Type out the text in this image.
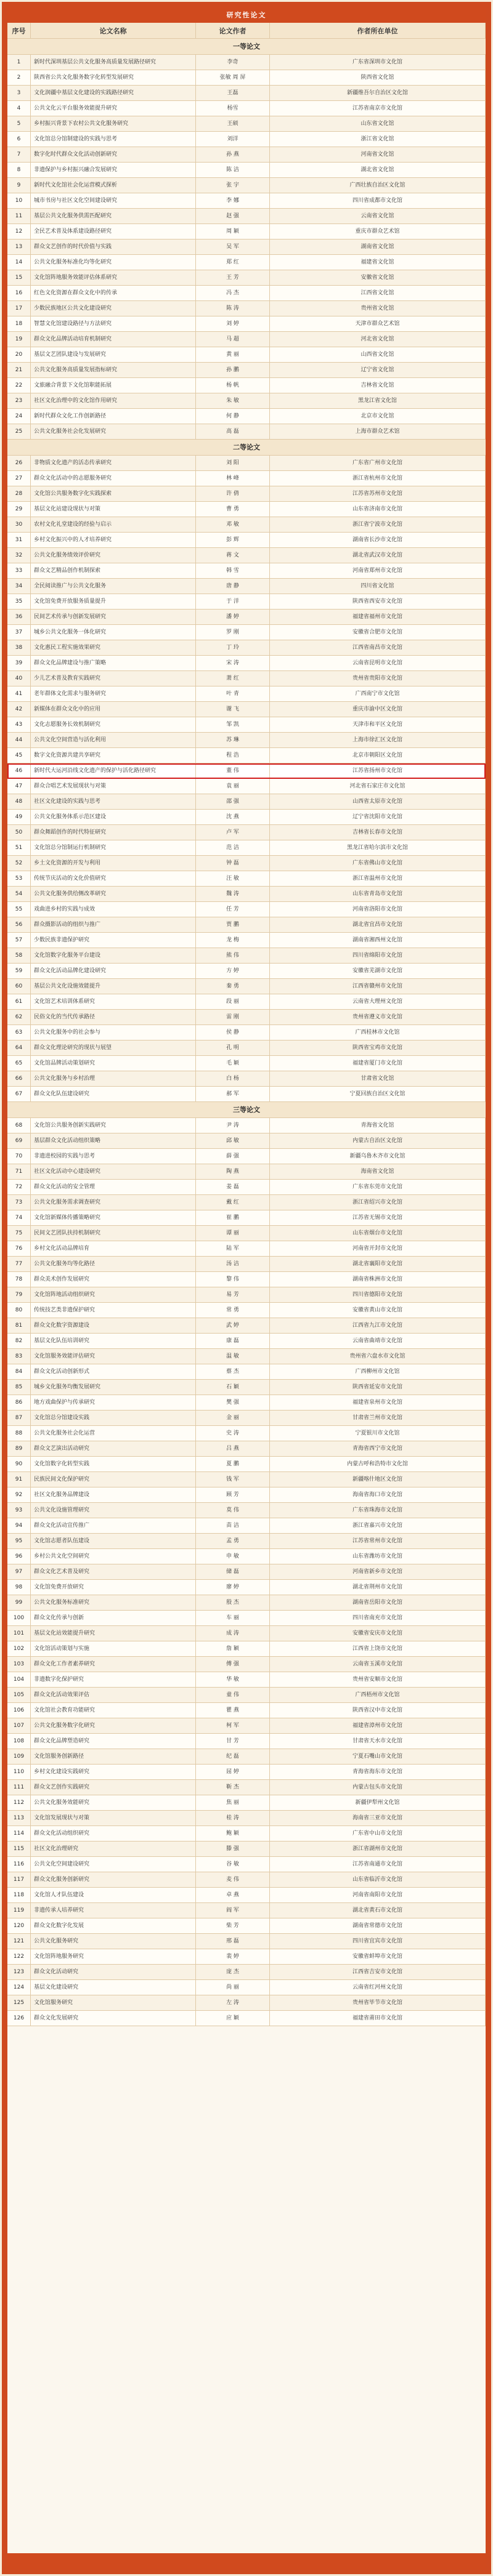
研究性论文
序号	论文名称	论文作者	作者所在单位
一等论文
1	新时代深圳基层公共文化服务高质量发展路径研究	李奇	广东省深圳市文化馆
2	陕西省公共文化服务数字化转型发展研究	张敏 周 屏	陕西省文化馆
3	文化润疆中基层文化建设的实践路径研究	王磊	新疆维吾尔自治区文化馆
4	公共文化云平台服务效能提升研究	杨雪	江苏省南京市文化馆
5	乡村振兴背景下农村公共文化服务研究	王硕	山东省文化馆
6	文化馆总分馆制建设的实践与思考	刘洋	浙江省文化馆
7	数字化时代群众文化活动创新研究	孙 燕	河南省文化馆
8	非遗保护与乡村振兴融合发展研究	陈 洁	湖北省文化馆
9	新时代文化馆社会化运营模式探析	张 宇	广西壮族自治区文化馆
10	城市书房与社区文化空间建设研究	李 娜	四川省成都市文化馆
11	基层公共文化服务供需匹配研究	赵 强	云南省文化馆
12	全民艺术普及体系建设路径研究	周 颖	重庆市群众艺术馆
13	群众文艺创作的时代价值与实践	吴 军	湖南省文化馆
14	公共文化服务标准化均等化研究	郑 红	福建省文化馆
15	文化馆阵地服务效能评估体系研究	王 芳	安徽省文化馆
16	红色文化资源在群众文化中的传承	冯 杰	江西省文化馆
17	少数民族地区公共文化建设研究	陈 涛	贵州省文化馆
18	智慧文化馆建设路径与方法研究	刘 婷	天津市群众艺术馆
19	群众文化品牌活动培育机制研究	马 超	河北省文化馆
20	基层文艺团队建设与发展研究	黄 丽	山西省文化馆
21	公共文化服务高质量发展指标研究	孙 鹏	辽宁省文化馆
22	文旅融合背景下文化馆职能拓展	杨 帆	吉林省文化馆
23	社区文化治理中的文化馆作用研究	朱 敏	黑龙江省文化馆
24	新时代群众文化工作创新路径	何 静	北京市文化馆
25	公共文化服务社会化发展研究	高 磊	上海市群众艺术馆
二等论文
26	非物质文化遗产的活态传承研究	刘 阳	广东省广州市文化馆
27	群众文化活动中的志愿服务研究	林 峰	浙江省杭州市文化馆
28	文化馆公共服务数字化实践探索	许 倩	江苏省苏州市文化馆
29	基层文化站建设现状与对策	曹 勇	山东省济南市文化馆
30	农村文化礼堂建设的经验与启示	邓 敏	浙江省宁波市文化馆
31	乡村文化振兴中的人才培养研究	彭 辉	湖南省长沙市文化馆
32	公共文化服务绩效评价研究	蒋 文	湖北省武汉市文化馆
33	群众文艺精品创作机制探索	韩 雪	河南省郑州市文化馆
34	全民阅读推广与公共文化服务	唐 静	四川省文化馆
35	文化馆免费开放服务质量提升	于 洋	陕西省西安市文化馆
36	民间艺术传承与创新发展研究	潘 婷	福建省福州市文化馆
37	城乡公共文化服务一体化研究	罗 刚	安徽省合肥市文化馆
38	文化惠民工程实施效果研究	丁 玲	江西省南昌市文化馆
39	群众文化品牌建设与推广策略	宋 涛	云南省昆明市文化馆
40	少儿艺术普及教育实践研究	萧 红	贵州省贵阳市文化馆
41	老年群体文化需求与服务研究	叶 青	广西南宁市文化馆
42	新媒体在群众文化中的应用	谢 飞	重庆市渝中区文化馆
43	文化志愿服务长效机制研究	邹 凯	天津市和平区文化馆
44	公共文化空间营造与活化利用	苏 琳	上海市徐汇区文化馆
45	数字文化资源共建共享研究	程 浩	北京市朝阳区文化馆
46	新时代大运河沿线文化遗产的保护与活化路径研究	董 伟	江苏省扬州市文化馆
47	群众合唱艺术发展现状与对策	袁 丽	河北省石家庄市文化馆
48	社区文化建设的实践与思考	邵 强	山西省太原市文化馆
49	公共文化服务体系示范区建设	沈 燕	辽宁省沈阳市文化馆
50	群众舞蹈创作的时代特征研究	卢 军	吉林省长春市文化馆
51	文化馆总分馆制运行机制研究	范 洁	黑龙江省哈尔滨市文化馆
52	乡土文化资源的开发与利用	钟 磊	广东省佛山市文化馆
53	传统节庆活动的文化价值研究	汪 敏	浙江省温州市文化馆
54	公共文化服务供给侧改革研究	魏 涛	山东省青岛市文化馆
55	戏曲进乡村的实践与成效	任 芳	河南省洛阳市文化馆
56	群众摄影活动的组织与推广	贾 鹏	湖北省宜昌市文化馆
57	少数民族非遗保护研究	龙 梅	湖南省湘西州文化馆
58	文化馆数字化服务平台建设	熊 伟	四川省绵阳市文化馆
59	群众文化活动品牌化建设研究	方 婷	安徽省芜湖市文化馆
60	基层公共文化设施效能提升	秦 勇	江西省赣州市文化馆
61	文化馆艺术培训体系研究	段 丽	云南省大理州文化馆
62	民俗文化的当代传承路径	雷 刚	贵州省遵义市文化馆
63	公共文化服务中的社会参与	侯 静	广西桂林市文化馆
64	群众文化理论研究的现状与展望	孔 明	陕西省宝鸡市文化馆
65	文化馆品牌活动策划研究	毛 颖	福建省厦门市文化馆
66	公共文化服务与乡村治理	白 杨	甘肃省文化馆
67	群众文化队伍建设研究	郝 军	宁夏回族自治区文化馆
三等论文
68	文化馆公共服务创新实践研究	尹 涛	青海省文化馆
69	基层群众文化活动组织策略	邱 敏	内蒙古自治区文化馆
70	非遗进校园的实践与思考	薛 强	新疆乌鲁木齐市文化馆
71	社区文化活动中心建设研究	陶 燕	海南省文化馆
72	群众文化活动的安全管理	姜 磊	广东省东莞市文化馆
73	公共文化服务需求调查研究	戴 红	浙江省绍兴市文化馆
74	文化馆新媒体传播策略研究	崔 鹏	江苏省无锡市文化馆
75	民间文艺团队扶持机制研究	谭 丽	山东省烟台市文化馆
76	乡村文化活动品牌培育	陆 军	河南省开封市文化馆
77	公共文化服务均等化路径	汤 洁	湖北省襄阳市文化馆
78	群众美术创作发展研究	黎 伟	湖南省株洲市文化馆
79	文化馆阵地活动组织研究	易 芳	四川省德阳市文化馆
80	传统技艺类非遗保护研究	常 勇	安徽省黄山市文化馆
81	群众文化数字资源建设	武 婷	江西省九江市文化馆
82	基层文化队伍培训研究	康 磊	云南省曲靖市文化馆
83	文化馆服务效能评估研究	温 敏	贵州省六盘水市文化馆
84	群众文化活动创新形式	蔡 杰	广西柳州市文化馆
85	城乡文化服务均衡发展研究	石 颖	陕西省延安市文化馆
86	地方戏曲保护与传承研究	樊 强	福建省泉州市文化馆
87	文化馆总分馆建设实践	金 丽	甘肃省兰州市文化馆
88	公共文化服务社会化运营	史 涛	宁夏银川市文化馆
89	群众文艺演出活动研究	吕 燕	青海省西宁市文化馆
90	文化馆数字化转型实践	夏 鹏	内蒙古呼和浩特市文化馆
91	民族民间文化保护研究	钱 军	新疆喀什地区文化馆
92	社区文化服务品牌建设	顾 芳	海南省海口市文化馆
93	公共文化设施管理研究	莫 伟	广东省珠海市文化馆
94	群众文化活动宣传推广	苗 洁	浙江省嘉兴市文化馆
95	文化馆志愿者队伍建设	孟 勇	江苏省常州市文化馆
96	乡村公共文化空间研究	申 敏	山东省潍坊市文化馆
97	群众文化艺术普及研究	储 磊	河南省新乡市文化馆
98	文化馆免费开放研究	廖 婷	湖北省荆州市文化馆
99	公共文化服务标准研究	殷 杰	湖南省岳阳市文化馆
100	群众文化传承与创新	车 丽	四川省南充市文化馆
101	基层文化站效能提升研究	成 涛	安徽省安庆市文化馆
102	文化馆活动策划与实施	詹 颖	江西省上饶市文化馆
103	群众文化工作者素养研究	傅 强	云南省玉溪市文化馆
104	非遗数字化保护研究	华 敏	贵州省安顺市文化馆
105	群众文化活动效果评估	童 伟	广西梧州市文化馆
106	文化馆社会教育功能研究	瞿 燕	陕西省汉中市文化馆
107	公共文化服务数字化研究	柯 军	福建省漳州市文化馆
108	群众文化品牌塑造研究	甘 芳	甘肃省天水市文化馆
109	文化馆服务创新路径	纪 磊	宁夏石嘴山市文化馆
110	乡村文化建设实践研究	屈 婷	青海省海东市文化馆
111	群众文艺创作实践研究	靳 杰	内蒙古包头市文化馆
112	公共文化服务效能研究	焦 丽	新疆伊犁州文化馆
113	文化馆发展现状与对策	桂 涛	海南省三亚市文化馆
114	群众文化活动组织研究	鲍 颖	广东省中山市文化馆
115	社区文化治理研究	滕 强	浙江省湖州市文化馆
116	公共文化空间建设研究	谷 敏	江苏省南通市文化馆
117	群众文化服务创新研究	麦 伟	山东省临沂市文化馆
118	文化馆人才队伍建设	卓 燕	河南省南阳市文化馆
119	非遗传承人培养研究	阎 军	湖北省黄石市文化馆
120	群众文化数字化发展	柴 芳	湖南省常德市文化馆
121	公共文化服务研究	邢 磊	四川省宜宾市文化馆
122	文化馆阵地服务研究	裴 婷	安徽省蚌埠市文化馆
123	群众文化活动研究	庞 杰	江西省吉安市文化馆
124	基层文化建设研究	尚 丽	云南省红河州文化馆
125	文化馆服务研究	左 涛	贵州省毕节市文化馆
126	群众文化发展研究	应 颖	福建省莆田市文化馆
